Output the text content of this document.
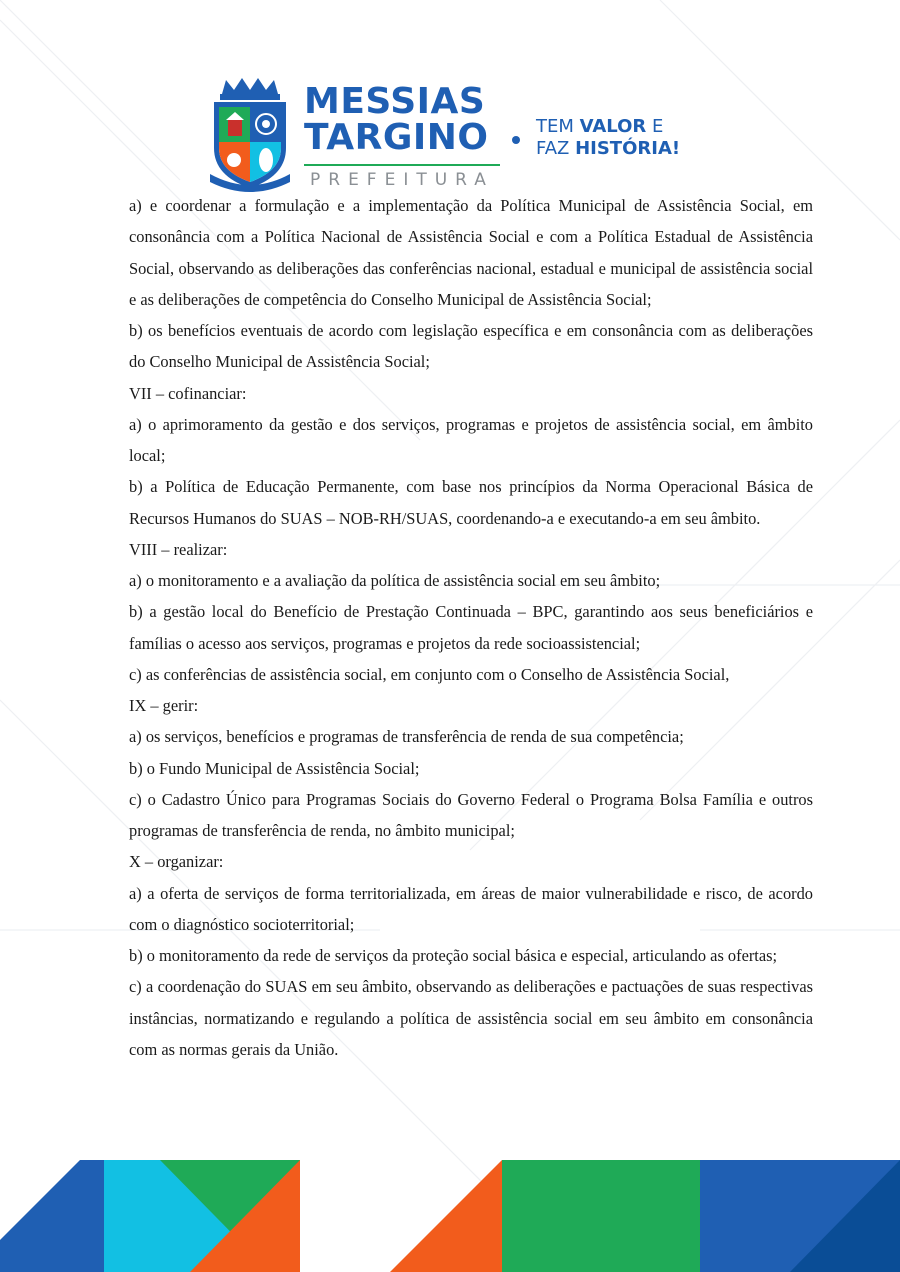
MESSIAS
TARGINO
PREFEITURA
TEM VALOR E
FAZ HISTÓRIA!

a) e coordenar a formulação e a implementação da Política Municipal de Assistência Social, em consonância com a Política Nacional de Assistência Social e com a Política Estadual de Assistência Social, observando as deliberações das conferências nacional, estadual e municipal de assistência social e as deliberações de competência do Conselho Municipal de Assistência Social;

b) os benefícios eventuais de acordo com legislação específica e em consonância com as deliberações do Conselho Municipal de Assistência Social;

VII – cofinanciar:

a) o aprimoramento da gestão e dos serviços, programas e projetos de assistência social, em âmbito local;

b) a Política de Educação Permanente, com base nos princípios da Norma Operacional Básica de Recursos Humanos do SUAS – NOB-RH/SUAS, coordenando-a e executando-a em seu âmbito.

VIII – realizar:

a) o monitoramento e a avaliação da política de assistência social em seu âmbito;

b) a gestão local do Benefício de Prestação Continuada – BPC, garantindo aos seus beneficiários e famílias o acesso aos serviços, programas e projetos da rede socioassistencial;

c) as conferências de assistência social, em conjunto com o Conselho de Assistência Social,

IX – gerir:

a) os serviços, benefícios e programas de transferência de renda de sua competência;

b) o Fundo Municipal de Assistência Social;

c) o Cadastro Único para Programas Sociais do Governo Federal o Programa Bolsa Família e outros programas de transferência de renda, no âmbito municipal;

X – organizar:

a) a oferta de serviços de forma territorializada, em áreas de maior vulnerabilidade e risco, de acordo com o diagnóstico socioterritorial;

b) o monitoramento da rede de serviços da proteção social básica e especial, articulando as ofertas;

c) a coordenação do SUAS em seu âmbito, observando as deliberações e pactuações de suas respectivas instâncias, normatizando e regulando a política de assistência social em seu âmbito em consonância com as normas gerais da União.
